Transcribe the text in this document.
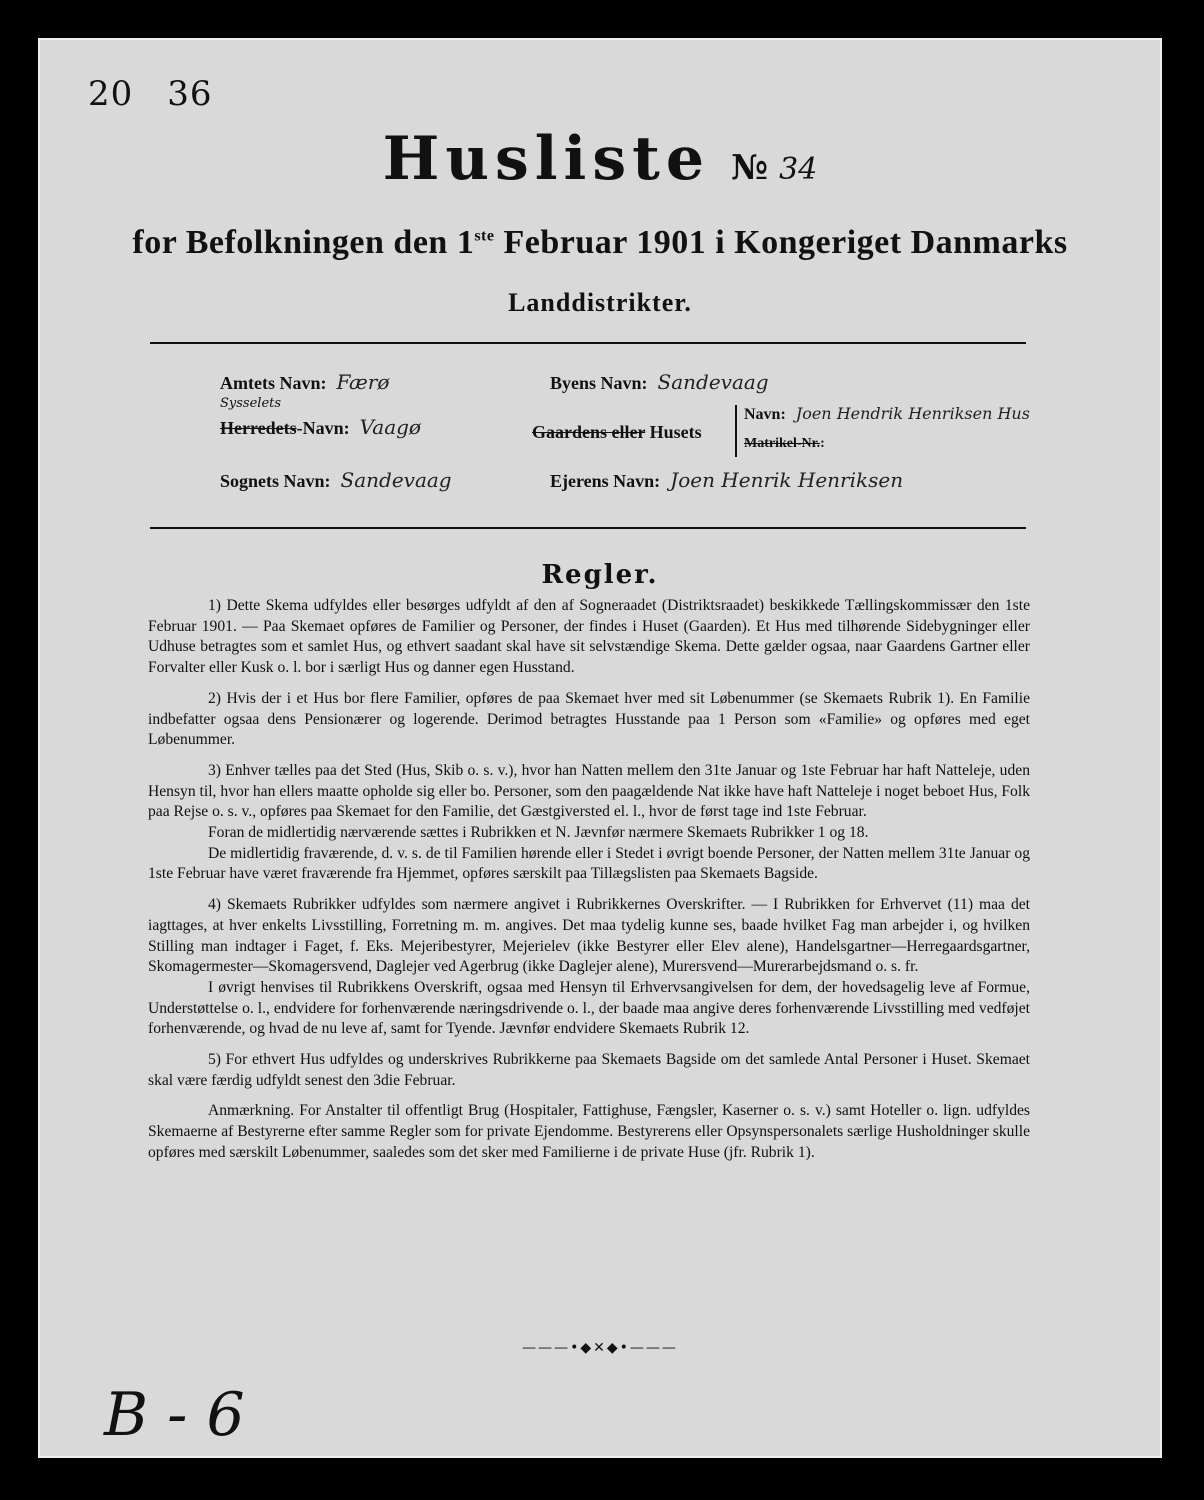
20 36
Husliste № 34
for Befolkningen den 1ste Februar 1901 i Kongeriget Danmarks
Landdistrikter.
Amtets Navn: Færø
Sysselets
Herredets-Navn: Vaagø
Sognets Navn: Sandevaag
Byens Navn: Sandevaag
Gaardens eller Husets
Navn: Joen Hendrik Henriksen Hus
Matrikel-Nr.:
Ejerens Navn: Joen Henrik Henriksen
Regler.

1) Dette Skema udfyldes eller besørges udfyldt af den af Sogneraadet (Distriktsraadet) beskikkede Tællingskommissær den 1ste Februar 1901. — Paa Skemaet opføres de Familier og Personer, der findes i Huset (Gaarden). Et Hus med tilhørende Sidebygninger eller Udhuse betragtes som et samlet Hus, og ethvert saadant skal have sit selvstændige Skema. Dette gælder ogsaa, naar Gaardens Gartner eller Forvalter eller Kusk o. l. bor i særligt Hus og danner egen Husstand.

2) Hvis der i et Hus bor flere Familier, opføres de paa Skemaet hver med sit Løbenummer (se Skemaets Rubrik 1). En Familie indbefatter ogsaa dens Pensionærer og logerende. Derimod betragtes Husstande paa 1 Person som «Familie» og opføres med eget Løbenummer.

3) Enhver tælles paa det Sted (Hus, Skib o. s. v.), hvor han Natten mellem den 31te Januar og 1ste Februar har haft Natteleje, uden Hensyn til, hvor han ellers maatte opholde sig eller bo. Personer, som den paagældende Nat ikke have haft Natteleje i noget beboet Hus, Folk paa Rejse o. s. v., opføres paa Skemaet for den Familie, det Gæstgiversted el. l., hvor de først tage ind 1ste Februar.

Foran de midlertidig nærværende sættes i Rubrikken et N. Jævnfør nærmere Skemaets Rubrikker 1 og 18.

De midlertidig fraværende, d. v. s. de til Familien hørende eller i Stedet i øvrigt boende Personer, der Natten mellem 31te Januar og 1ste Februar have været fraværende fra Hjemmet, opføres særskilt paa Tillægslisten paa Skemaets Bagside.

4) Skemaets Rubrikker udfyldes som nærmere angivet i Rubrikkernes Overskrifter. — I Rubrikken for Erhvervet (11) maa det iagttages, at hver enkelts Livsstilling, Forretning m. m. angives. Det maa tydelig kunne ses, baade hvilket Fag man arbejder i, og hvilken Stilling man indtager i Faget, f. Eks. Mejeribestyrer, Mejerielev (ikke Bestyrer eller Elev alene), Handelsgartner—Herregaardsgartner, Skomagermester—Skomagersvend, Daglejer ved Agerbrug (ikke Daglejer alene), Murersvend—Murerarbejdsmand o. s. fr.

I øvrigt henvises til Rubrikkens Overskrift, ogsaa med Hensyn til Erhvervsangivelsen for dem, der hovedsagelig leve af Formue, Understøttelse o. l., endvidere for forhenværende næringsdrivende o. l., der baade maa angive deres forhenværende Livsstilling med vedføjet forhenværende, og hvad de nu leve af, samt for Tyende. Jævnfør endvidere Skemaets Rubrik 12.

5) For ethvert Hus udfyldes og underskrives Rubrikkerne paa Skemaets Bagside om det samlede Antal Personer i Huset. Skemaet skal være færdig udfyldt senest den 3die Februar.

Anmærkning. For Anstalter til offentligt Brug (Hospitaler, Fattighuse, Fængsler, Kaserner o. s. v.) samt Hoteller o. lign. udfyldes Skemaerne af Bestyrerne efter samme Regler som for private Ejendomme. Bestyrerens eller Opsynspersonalets særlige Husholdninger skulle opføres med særskilt Løbenummer, saaledes som det sker med Familierne i de private Huse (jfr. Rubrik 1).

———•◆✕◆•———
B - 6
